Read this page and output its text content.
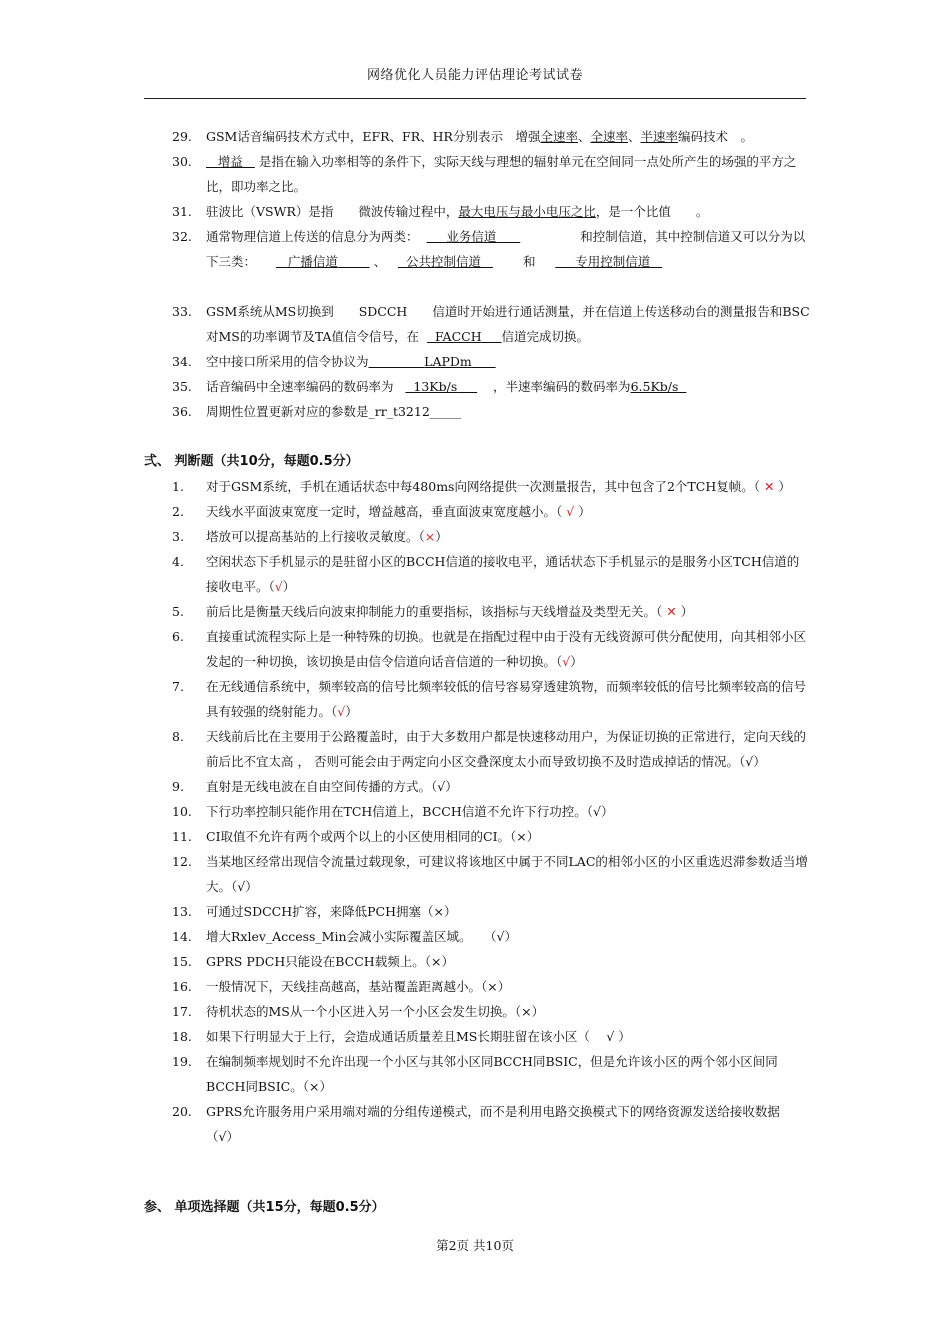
网络优化人员能力评估理论考试试卷
29.	GSM话音编码技术方式中，EFR、FR、HR分别表示　增强全速率、全速率、半速率编码技术　。
30.	增益 是指在输入功率相等的条件下，实际天线与理想的辐射单元在空间同一点处所产生的场强的平方之比，即功率之比。
31.	驻波比（VSWR）是指　　微波传输过程中，最大电压与最小电压之比，是一个比值　　。
32.	通常物理信道上传送的信息分为两类： 业务信道	和控制信道，其中控制信道又可以分为以下三类：	广播信道	、 公共控制信道	和	专用控制信道
33.	GSM系统从MS切换到　　SDCCH　　信道时开始进行通话测量，并在信道上传送移动台的测量报告和BSC对MS的功率调节及TA值信令信号，在 FACCH 信道完成切换。
34.	空中接口所采用的信令协议为	LAPDm
35.	话音编码中全速率编码的数码率为 13Kb/s	，半速率编码的数码率为6.5Kb/s
36.	周期性位置更新对应的参数是_rr_t3212_____
弍、 判断题（共10分，每题0.5分）
1.	对于GSM系统，手机在通话状态中每480ms向网络提供一次测量报告，其中包含了2个TCH复帧。（ ✕ ）
2.	天线水平面波束宽度一定时，增益越高，垂直面波束宽度越小。（ √ ）
3.	塔放可以提高基站的上行接收灵敏度。（×）
4.	空闲状态下手机显示的是驻留小区的BCCH信道的接收电平，通话状态下手机显示的是服务小区TCH信道的接收电平。（√）
5.	前后比是衡量天线后向波束抑制能力的重要指标，该指标与天线增益及类型无关。（ ✕ ）
6.	直接重试流程实际上是一种特殊的切换。也就是在指配过程中由于没有无线资源可供分配使用，向其相邻小区发起的一种切换，该切换是由信令信道向话音信道的一种切换。（√）
7.	在无线通信系统中，频率较高的信号比频率较低的信号容易穿透建筑物，而频率较低的信号比频率较高的信号具有较强的绕射能力。（√）
8.	天线前后比在主要用于公路覆盖时，由于大多数用户都是快速移动用户，为保证切换的正常进行，定向天线的前后比不宜太高 ， 否则可能会由于两定向小区交叠深度太小而导致切换不及时造成掉话的情况。（√）
9.	直射是无线电波在自由空间传播的方式。（√）
10.	下行功率控制只能作用在TCH信道上，BCCH信道不允许下行功控。（√）
11.	CI取值不允许有两个或两个以上的小区使用相同的CI。（×）
12.	当某地区经常出现信令流量过载现象，可建议将该地区中属于不同LAC的相邻小区的小区重选迟滞参数适当增大。（√）
13.	可通过SDCCH扩容，来降低PCH拥塞（×）
14.	增大Rxlev_Access_Min会减小实际覆盖区域。　　（√）
15.	GPRS PDCH只能设在BCCH载频上。（×）
16.	一般情况下，天线挂高越高，基站覆盖距离越小。（×）
17.	待机状态的MS从一个小区进入另一个小区会发生切换。（×）
18.	如果下行明显大于上行，会造成通话质量差且MS长期驻留在该小区（　 √ ）
19.	在编制频率规划时不允许出现一个小区与其邻小区同BCCH同BSIC，但是允许该小区的两个邻小区间同BCCH同BSIC。（×）
20.	GPRS允许服务用户采用端对端的分组传递模式，而不是利用电路交换模式下的网络资源发送给接收数据　（√）
参、 单项选择题（共15分，每题0.5分）
第2页 共10页
